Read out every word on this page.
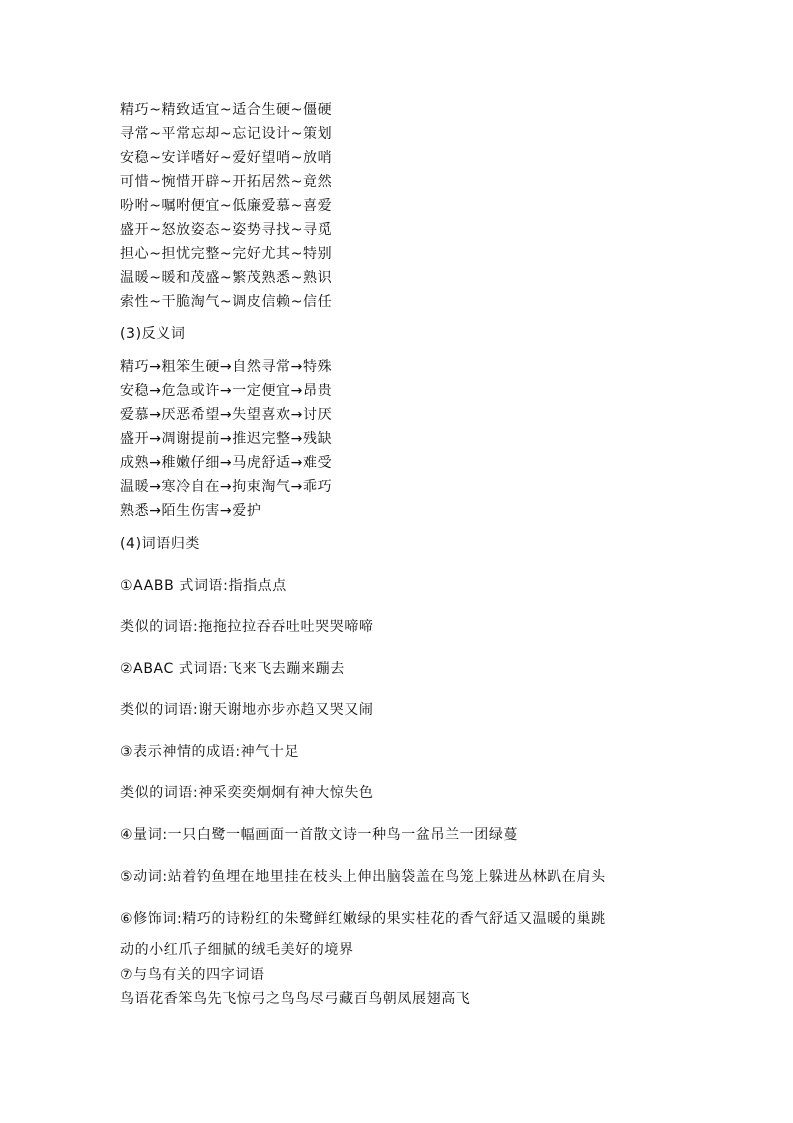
精巧~精致适宜~适合生硬~僵硬
寻常~平常忘却~忘记设计~策划
安稳~安详嗜好~爱好望哨~放哨
可惜~惋惜开辟~开拓居然~竟然
吩咐~嘱咐便宜~低廉爱慕~喜爱
盛开~怒放姿态~姿势寻找~寻觅
担心~担忧完整~完好尤其~特别
温暖~暖和茂盛~繁茂熟悉~熟识
索性~干脆淘气~调皮信赖~信任
(3)反义词
精巧→粗笨生硬→自然寻常→特殊
安稳→危急或许→一定便宜→昂贵
爱慕→厌恶希望→失望喜欢→讨厌
盛开→凋谢提前→推迟完整→残缺
成熟→稚嫩仔细→马虎舒适→难受
温暖→寒冷自在→拘束淘气→乖巧
熟悉→陌生伤害→爱护
(4)词语归类
①AABB 式词语:指指点点
类似的词语:拖拖拉拉吞吞吐吐哭哭啼啼
②ABAC 式词语:飞来飞去蹦来蹦去
类似的词语:谢天谢地亦步亦趋又哭又闹
③表示神情的成语:神气十足
类似的词语:神采奕奕炯炯有神大惊失色
④量词:一只白鹭一幅画面一首散文诗一种鸟一盆吊兰一团绿蔓
⑤动词:站着钓鱼埋在地里挂在枝头上伸出脑袋盖在鸟笼上躲进丛林趴在肩头
⑥修饰词:精巧的诗粉红的朱鹭鲜红嫩绿的果实桂花的香气舒适又温暖的巢跳
动的小红爪子细腻的绒毛美好的境界
⑦与鸟有关的四字词语
鸟语花香笨鸟先飞惊弓之鸟鸟尽弓藏百鸟朝凤展翅高飞
